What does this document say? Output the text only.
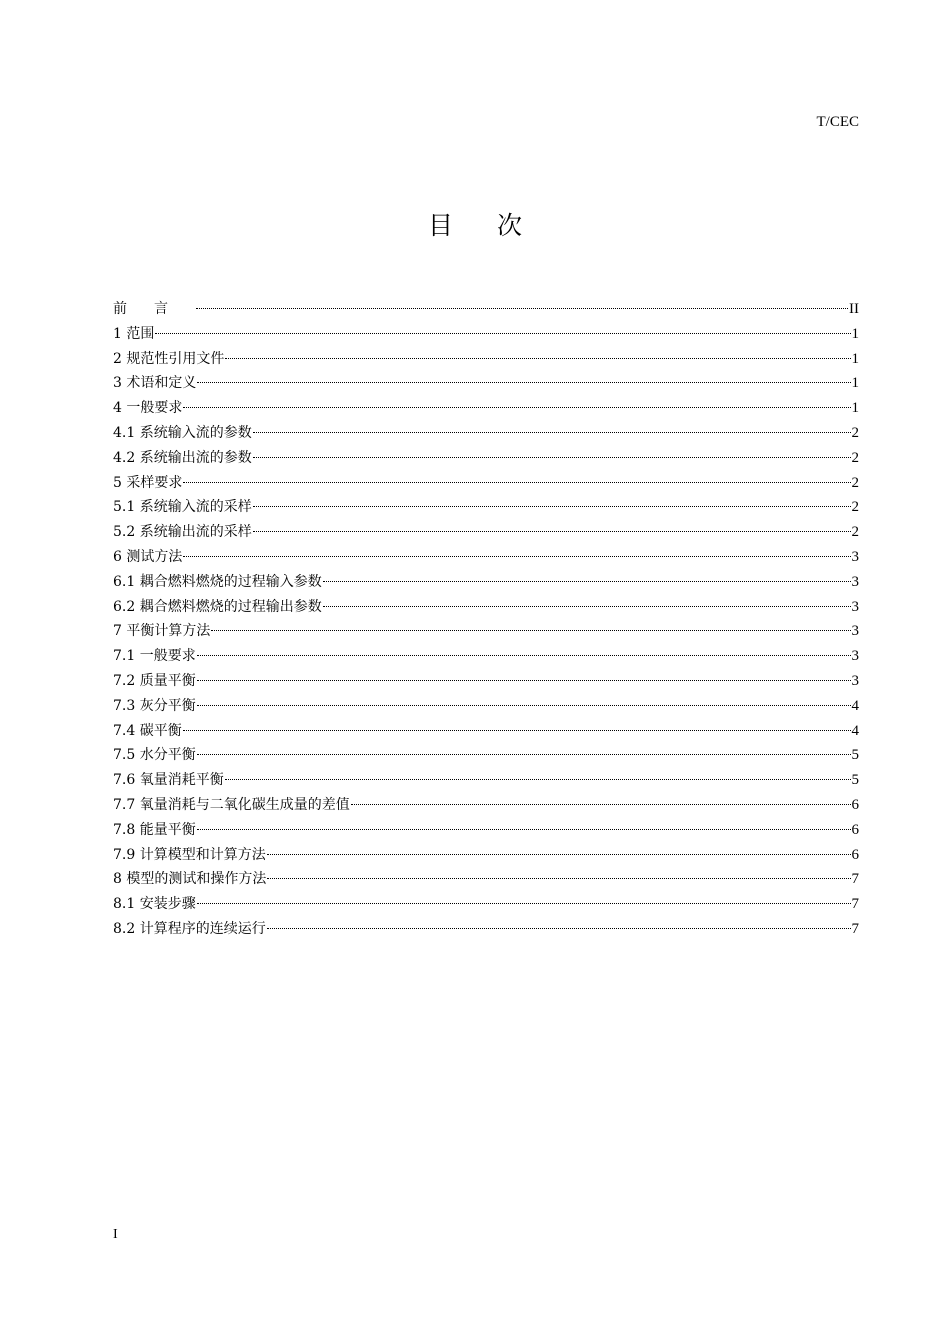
T/CEC
目 次
前言	II
1 范围	1
2 规范性引用文件	1
3 术语和定义	1
4 一般要求	1
4.1 系统输入流的参数	2
4.2 系统输出流的参数	2
5 采样要求	2
5.1 系统输入流的采样	2
5.2 系统输出流的采样	2
6 测试方法	3
6.1 耦合燃料燃烧的过程输入参数	3
6.2 耦合燃料燃烧的过程输出参数	3
7 平衡计算方法	3
7.1 一般要求	3
7.2 质量平衡	3
7.3 灰分平衡	4
7.4 碳平衡	4
7.5 水分平衡	5
7.6 氧量消耗平衡	5
7.7 氧量消耗与二氧化碳生成量的差值	6
7.8 能量平衡	6
7.9 计算模型和计算方法	6
8 模型的测试和操作方法	7
8.1 安装步骤	7
8.2 计算程序的连续运行	7
I
